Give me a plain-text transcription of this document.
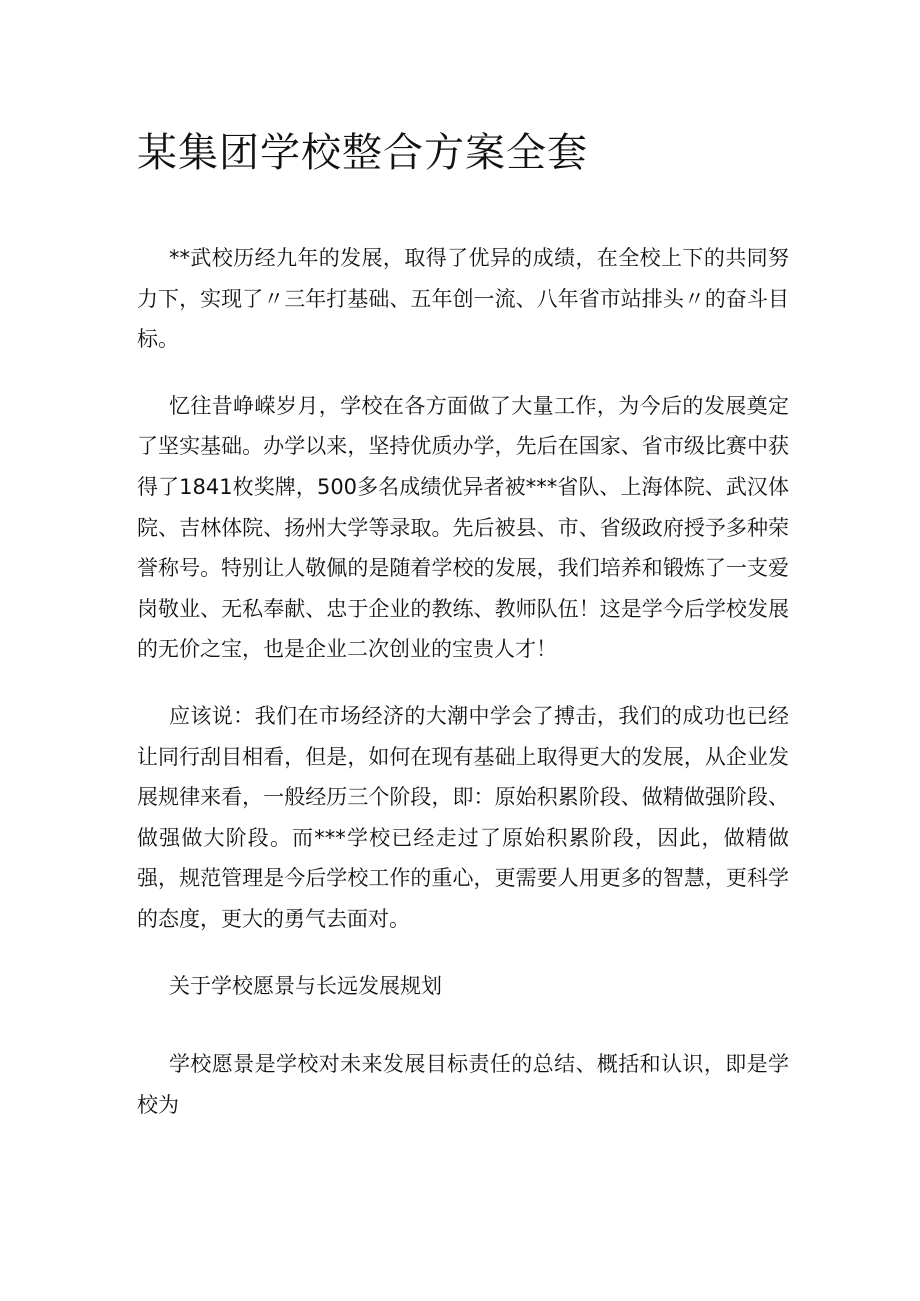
某集团学校整合方案全套

**武校历经九年的发展，取得了优异的成绩，在全校上下的共同努力下，实现了〃三年打基础、五年创一流、八年省市站排头〃的奋斗目标。

忆往昔峥嵘岁月，学校在各方面做了大量工作，为今后的发展奠定了坚实基础。办学以来，坚持优质办学，先后在国家、省市级比赛中获得了1841枚奖牌，500多名成绩优异者被***省队、上海体院、武汉体院、吉林体院、扬州大学等录取。先后被县、市、省级政府授予多种荣誉称号。特别让人敬佩的是随着学校的发展，我们培养和锻炼了一支爱岗敬业、无私奉献、忠于企业的教练、教师队伍！这是学今后学校发展的无价之宝，也是企业二次创业的宝贵人才！

应该说：我们在市场经济的大潮中学会了搏击，我们的成功也已经让同行刮目相看，但是，如何在现有基础上取得更大的发展，从企业发展规律来看，一般经历三个阶段，即：原始积累阶段、做精做强阶段、做强做大阶段。而***学校已经走过了原始积累阶段，因此，做精做强，规范管理是今后学校工作的重心，更需要人用更多的智慧，更科学的态度，更大的勇气去面对。

关于学校愿景与长远发展规划

学校愿景是学校对未来发展目标责任的总结、概括和认识，即是学校为
